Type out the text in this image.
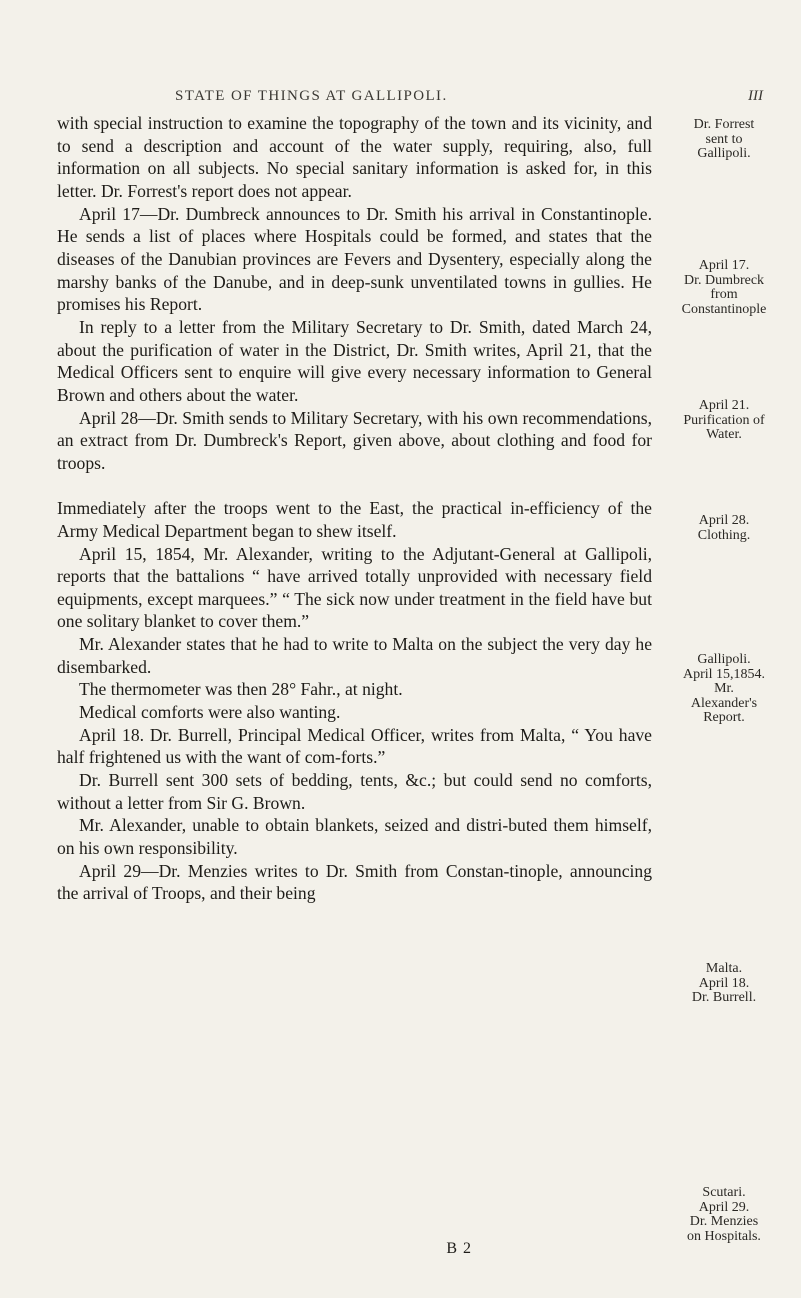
STATE OF THINGS AT GALLIPOLI.	III

with special instruction to examine the topography of the town and its vicinity, and to send a description and account of the water supply, requiring, also, full information on all subjects. No special sanitary information is asked for, in this letter. Dr. Forrest's report does not appear.

April 17—Dr. Dumbreck announces to Dr. Smith his arrival in Constantinople. He sends a list of places where Hospitals could be formed, and states that the diseases of the Danubian provinces are Fevers and Dysentery, especially along the marshy banks of the Danube, and in deep-sunk unventilated towns in gullies. He promises his Report.

In reply to a letter from the Military Secretary to Dr. Smith, dated March 24, about the purification of water in the District, Dr. Smith writes, April 21, that the Medical Officers sent to enquire will give every necessary information to General Brown and others about the water.

April 28—Dr. Smith sends to Military Secretary, with his own recommendations, an extract from Dr. Dumbreck's Report, given above, about clothing and food for troops.

Immediately after the troops went to the East, the practical in-efficiency of the Army Medical Department began to shew itself.

April 15, 1854, Mr. Alexander, writing to the Adjutant-General at Gallipoli, reports that the battalions “ have arrived totally unprovided with necessary field equipments, except marquees.” “ The sick now under treatment in the field have but one solitary blanket to cover them.”

Mr. Alexander states that he had to write to Malta on the subject the very day he disembarked.

The thermometer was then 28° Fahr., at night.

Medical comforts were also wanting.

April 18. Dr. Burrell, Principal Medical Officer, writes from Malta, “ You have half frightened us with the want of com-forts.”

Dr. Burrell sent 300 sets of bedding, tents, &c.; but could send no comforts, without a letter from Sir G. Brown.

Mr. Alexander, unable to obtain blankets, seized and distri-buted them himself, on his own responsibility.

April 29—Dr. Menzies writes to Dr. Smith from Constan-tinople, announcing the arrival of Troops, and their being

B 2
Dr. Forrest
sent to
Gallipoli.
April 17.
Dr. Dumbreck
from
Constantinople
April 21.
Purification of
Water.
April 28.
Clothing.
Gallipoli.
April 15,1854.
Mr.
Alexander's
Report.
Malta.
April 18.
Dr. Burrell.
Scutari.
April 29.
Dr. Menzies
on Hospitals.
